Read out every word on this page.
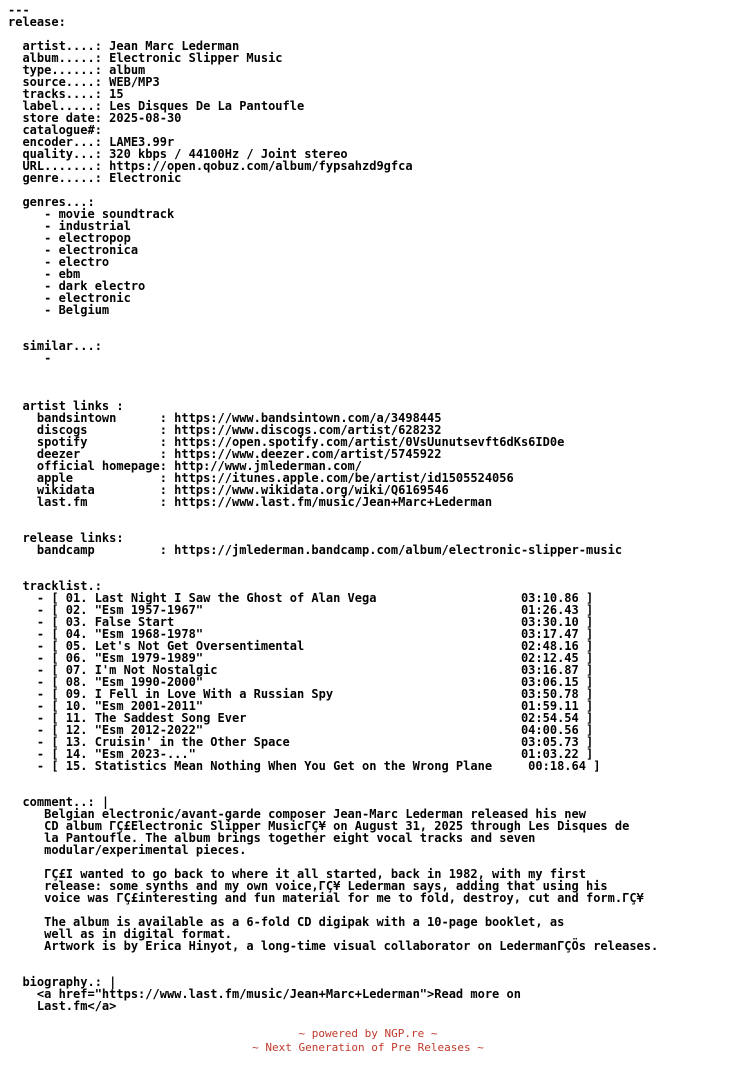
---
release:
artist....: Jean Marc Lederman
album.....: Electronic Slipper Music
type......: album
source....: WEB/MP3
tracks....: 15
label.....: Les Disques De La Pantoufle
store date: 2025-08-30
catalogue#:
encoder...: LAME3.99r
quality...: 320 kbps / 44100Hz / Joint stereo
URL.......: https://open.qobuz.com/album/fypsahzd9gfca
genre.....: Electronic
genres...:
- movie soundtrack
- industrial
- electropop
- electronica
- electro
- ebm
- dark electro
- electronic
- Belgium
similar...:
-
artist links :
bandsintown      : https://www.bandsintown.com/a/3498445
discogs          : https://www.discogs.com/artist/628232
spotify          : https://open.spotify.com/artist/0VsUunutsevft6dKs6ID0e
deezer           : https://www.deezer.com/artist/5745922
official homepage: http://www.jmlederman.com/
apple            : https://itunes.apple.com/be/artist/id1505524056
wikidata         : https://www.wikidata.org/wiki/Q6169546
last.fm          : https://www.last.fm/music/Jean+Marc+Lederman
release links:
bandcamp         : https://jmlederman.bandcamp.com/album/electronic-slipper-music
tracklist.:
- [ 01. Last Night I Saw the Ghost of Alan Vega                    03:10.86 ]
- [ 02. "Esm 1957-1967"                                            01:26.43 ]
- [ 03. False Start                                                03:30.10 ]
- [ 04. "Esm 1968-1978"                                            03:17.47 ]
- [ 05. Let's Not Get Oversentimental                              02:48.16 ]
- [ 06. "Esm 1979-1989"                                            02:12.45 ]
- [ 07. I'm Not Nostalgic                                          03:16.87 ]
- [ 08. "Esm 1990-2000"                                            03:06.15 ]
- [ 09. I Fell in Love With a Russian Spy                          03:50.78 ]
- [ 10. "Esm 2001-2011"                                            01:59.11 ]
- [ 11. The Saddest Song Ever                                      02:54.54 ]
- [ 12. "Esm 2012-2022"                                            04:00.56 ]
- [ 13. Cruisin' in the Other Space                                03:05.73 ]
- [ 14. "Esm 2023-..."                                             01:03.22 ]
- [ 15. Statistics Mean Nothing When You Get on the Wrong Plane     00:18.64 ]
comment..: |
Belgian electronic/avant-garde composer Jean-Marc Lederman released his new
CD album ΓÇ£Electronic Slipper MusicΓÇ¥ on August 31, 2025 through Les Disques de
la Pantoufle. The album brings together eight vocal tracks and seven
modular/experimental pieces.
ΓÇ£I wanted to go back to where it all started, back in 1982, with my first
release: some synths and my own voice,ΓÇ¥ Lederman says, adding that using his
voice was ΓÇ£interesting and fun material for me to fold, destroy, cut and form.ΓÇ¥
The album is available as a 6-fold CD digipak with a 10-page booklet, as
well as in digital format.
Artwork is by Erica Hinyot, a long-time visual collaborator on LedermanΓÇÖs releases.
biography.: |
<a href="https://www.last.fm/music/Jean+Marc+Lederman">Read more on
Last.fm</a>
~ powered by NGP.re ~
~ Next Generation of Pre Releases ~
